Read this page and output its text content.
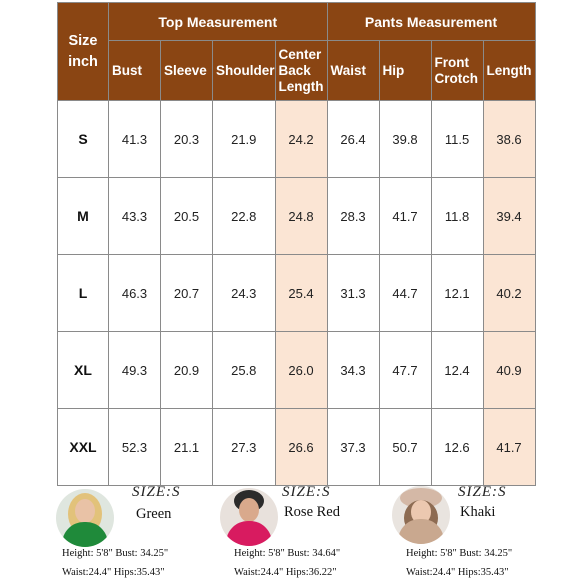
Size inch	Top Measurement				Pants Measurement			
	Bust	Sleeve	Shoulder	Center Back Length	Waist	Hip	Front Crotch	Length
S	41.3	20.3	21.9	24.2	26.4	39.8	11.5	38.6
M	43.3	20.5	22.8	24.8	28.3	41.7	11.8	39.4
L	46.3	20.7	24.3	25.4	31.3	44.7	12.1	40.2
XL	49.3	20.9	25.8	26.0	34.3	47.7	12.4	40.9
XXL	52.3	21.1	27.3	26.6	37.3	50.7	12.6	41.7
SIZE:S
Green
Height: 5'8" Bust: 34.25"
Waist:24.4" Hips:35.43"
SIZE:S
Rose Red
Height: 5'8" Bust: 34.64"
Waist:24.4" Hips:36.22"
SIZE:S
Khaki
Height: 5'8" Bust: 34.25"
Waist:24.4" Hips:35.43"
